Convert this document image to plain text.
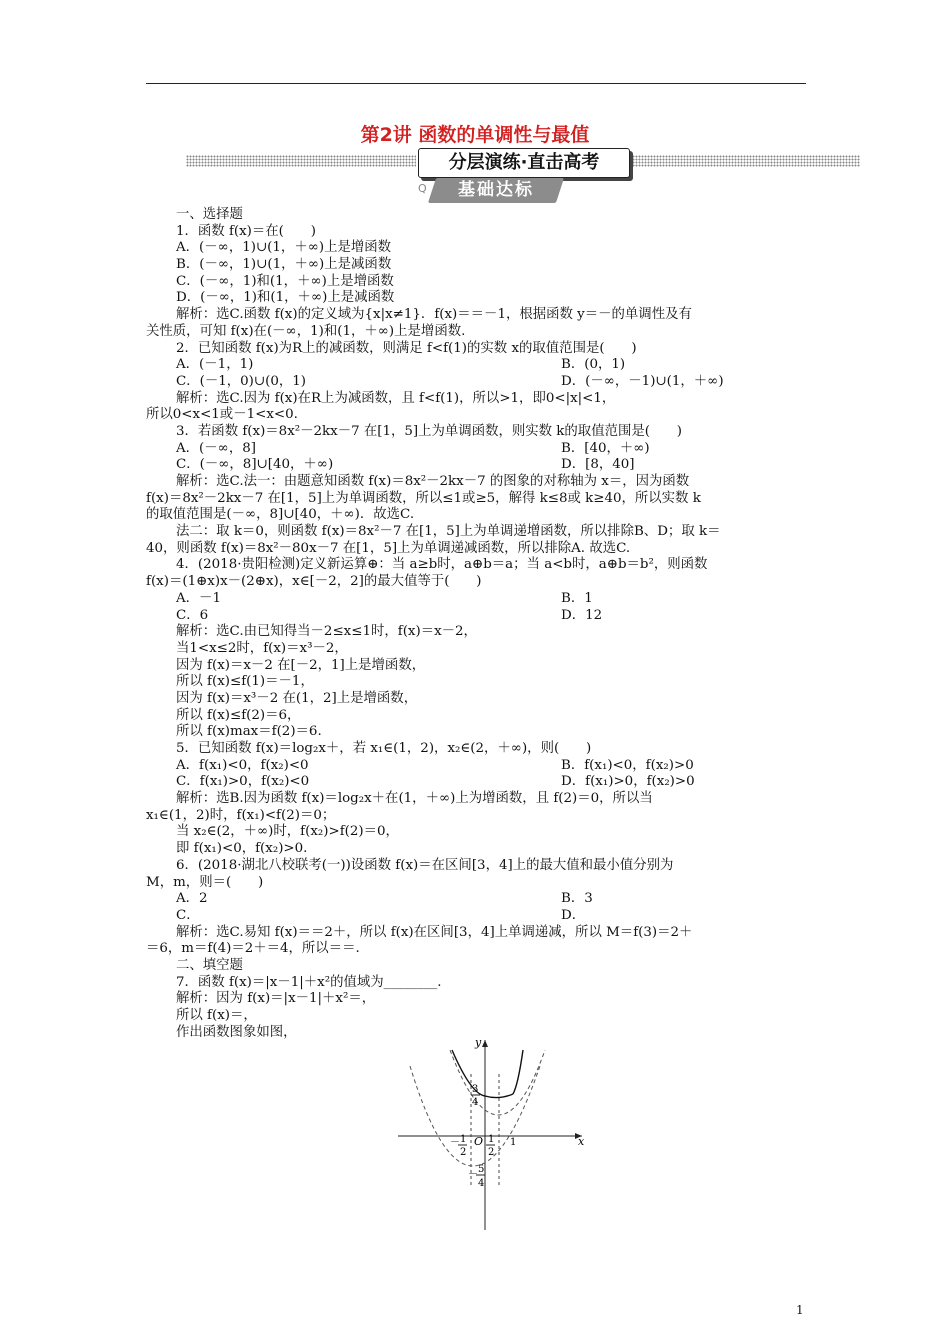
第2讲 函数的单调性与最值
分层演练·直击高考
Q	基础达标
一、选择题
1．函数 f(x)＝在(　　)
A．(－∞，1)∪(1，＋∞)上是增函数
B．(－∞，1)∪(1，＋∞)上是减函数
C．(－∞，1)和(1，＋∞)上是增函数
D．(－∞，1)和(1，＋∞)上是减函数
解析：选C.函数 f(x)的定义域为{x|x≠1}．f(x)＝＝－1，根据函数 y＝－的单调性及有
关性质，可知 f(x)在(－∞，1)和(1，＋∞)上是增函数.
2．已知函数 f(x)为R上的减函数，则满足 f<f(1)的实数 x的取值范围是(　　)
A．(－1，1)	B．(0，1)
C．(－1，0)∪(0，1)	D．(－∞，－1)∪(1，＋∞)
解析：选C.因为 f(x)在R上为减函数，且 f<f(1)，所以>1，即0<|x|<1，
所以0<x<1或－1<x<0.
3．若函数 f(x)＝8x²－2kx－7 在[1，5]上为单调函数，则实数 k的取值范围是(　　)
A．(－∞，8]	B．[40，＋∞)
C．(－∞，8]∪[40，＋∞)	D．[8，40]
解析：选C.法一：由题意知函数 f(x)＝8x²－2kx－7 的图象的对称轴为 x＝，因为函数
f(x)＝8x²－2kx－7 在[1，5]上为单调函数，所以≤1或≥5，解得 k≤8或 k≥40，所以实数 k
的取值范围是(－∞，8]∪[40，＋∞)．故选C.
法二：取 k＝0，则函数 f(x)＝8x²－7 在[1，5]上为单调递增函数，所以排除B、D；取 k＝
40，则函数 f(x)＝8x²－80x－7 在[1，5]上为单调递减函数，所以排除A. 故选C.
4．(2018·贵阳检测)定义新运算⊕：当 a≥b时，a⊕b＝a；当 a<b时，a⊕b＝b²，则函数
f(x)＝(1⊕x)x－(2⊕x)，x∈[－2，2]的最大值等于(　　)
A．－1	B．1
C．6	D．12
解析：选C.由已知得当－2≤x≤1时，f(x)＝x－2，
当1<x≤2时，f(x)＝x³－2，
因为 f(x)＝x－2 在[－2，1]上是增函数，
所以 f(x)≤f(1)＝－1，
因为 f(x)＝x³－2 在(1，2]上是增函数，
所以 f(x)≤f(2)＝6，
所以 f(x)max＝f(2)＝6.
5．已知函数 f(x)＝log₂x＋，若 x₁∈(1，2)，x₂∈(2，＋∞)，则(　　)
A．f(x₁)<0，f(x₂)<0	B．f(x₁)<0，f(x₂)>0
C．f(x₁)>0，f(x₂)<0	D．f(x₁)>0，f(x₂)>0
解析：选B.因为函数 f(x)＝log₂x＋在(1，＋∞)上为增函数，且 f(2)＝0，所以当
x₁∈(1，2)时，f(x₁)<f(2)＝0；
当 x₂∈(2，＋∞)时，f(x₂)>f(2)＝0，
即 f(x₁)<0，f(x₂)>0.
6．(2018·湖北八校联考(一))设函数 f(x)＝在区间[3，4]上的最大值和最小值分别为
M，m，则＝(　　)
A．2	B．3
C．	D．
解析：选C.易知 f(x)＝＝2＋，所以 f(x)在区间[3，4]上单调递减，所以 M＝f(3)＝2＋
＝6，m＝f(4)＝2＋＝4，所以＝＝.
二、填空题
7．函数 f(x)＝|x－1|＋x²的值域为________.
解析：因为 f(x)＝|x－1|＋x²＝，
所以 f(x)＝，
作出函数图象如图，
x
y
3
4
O
－ 1
2
1
2
1
－ 5
4
1
